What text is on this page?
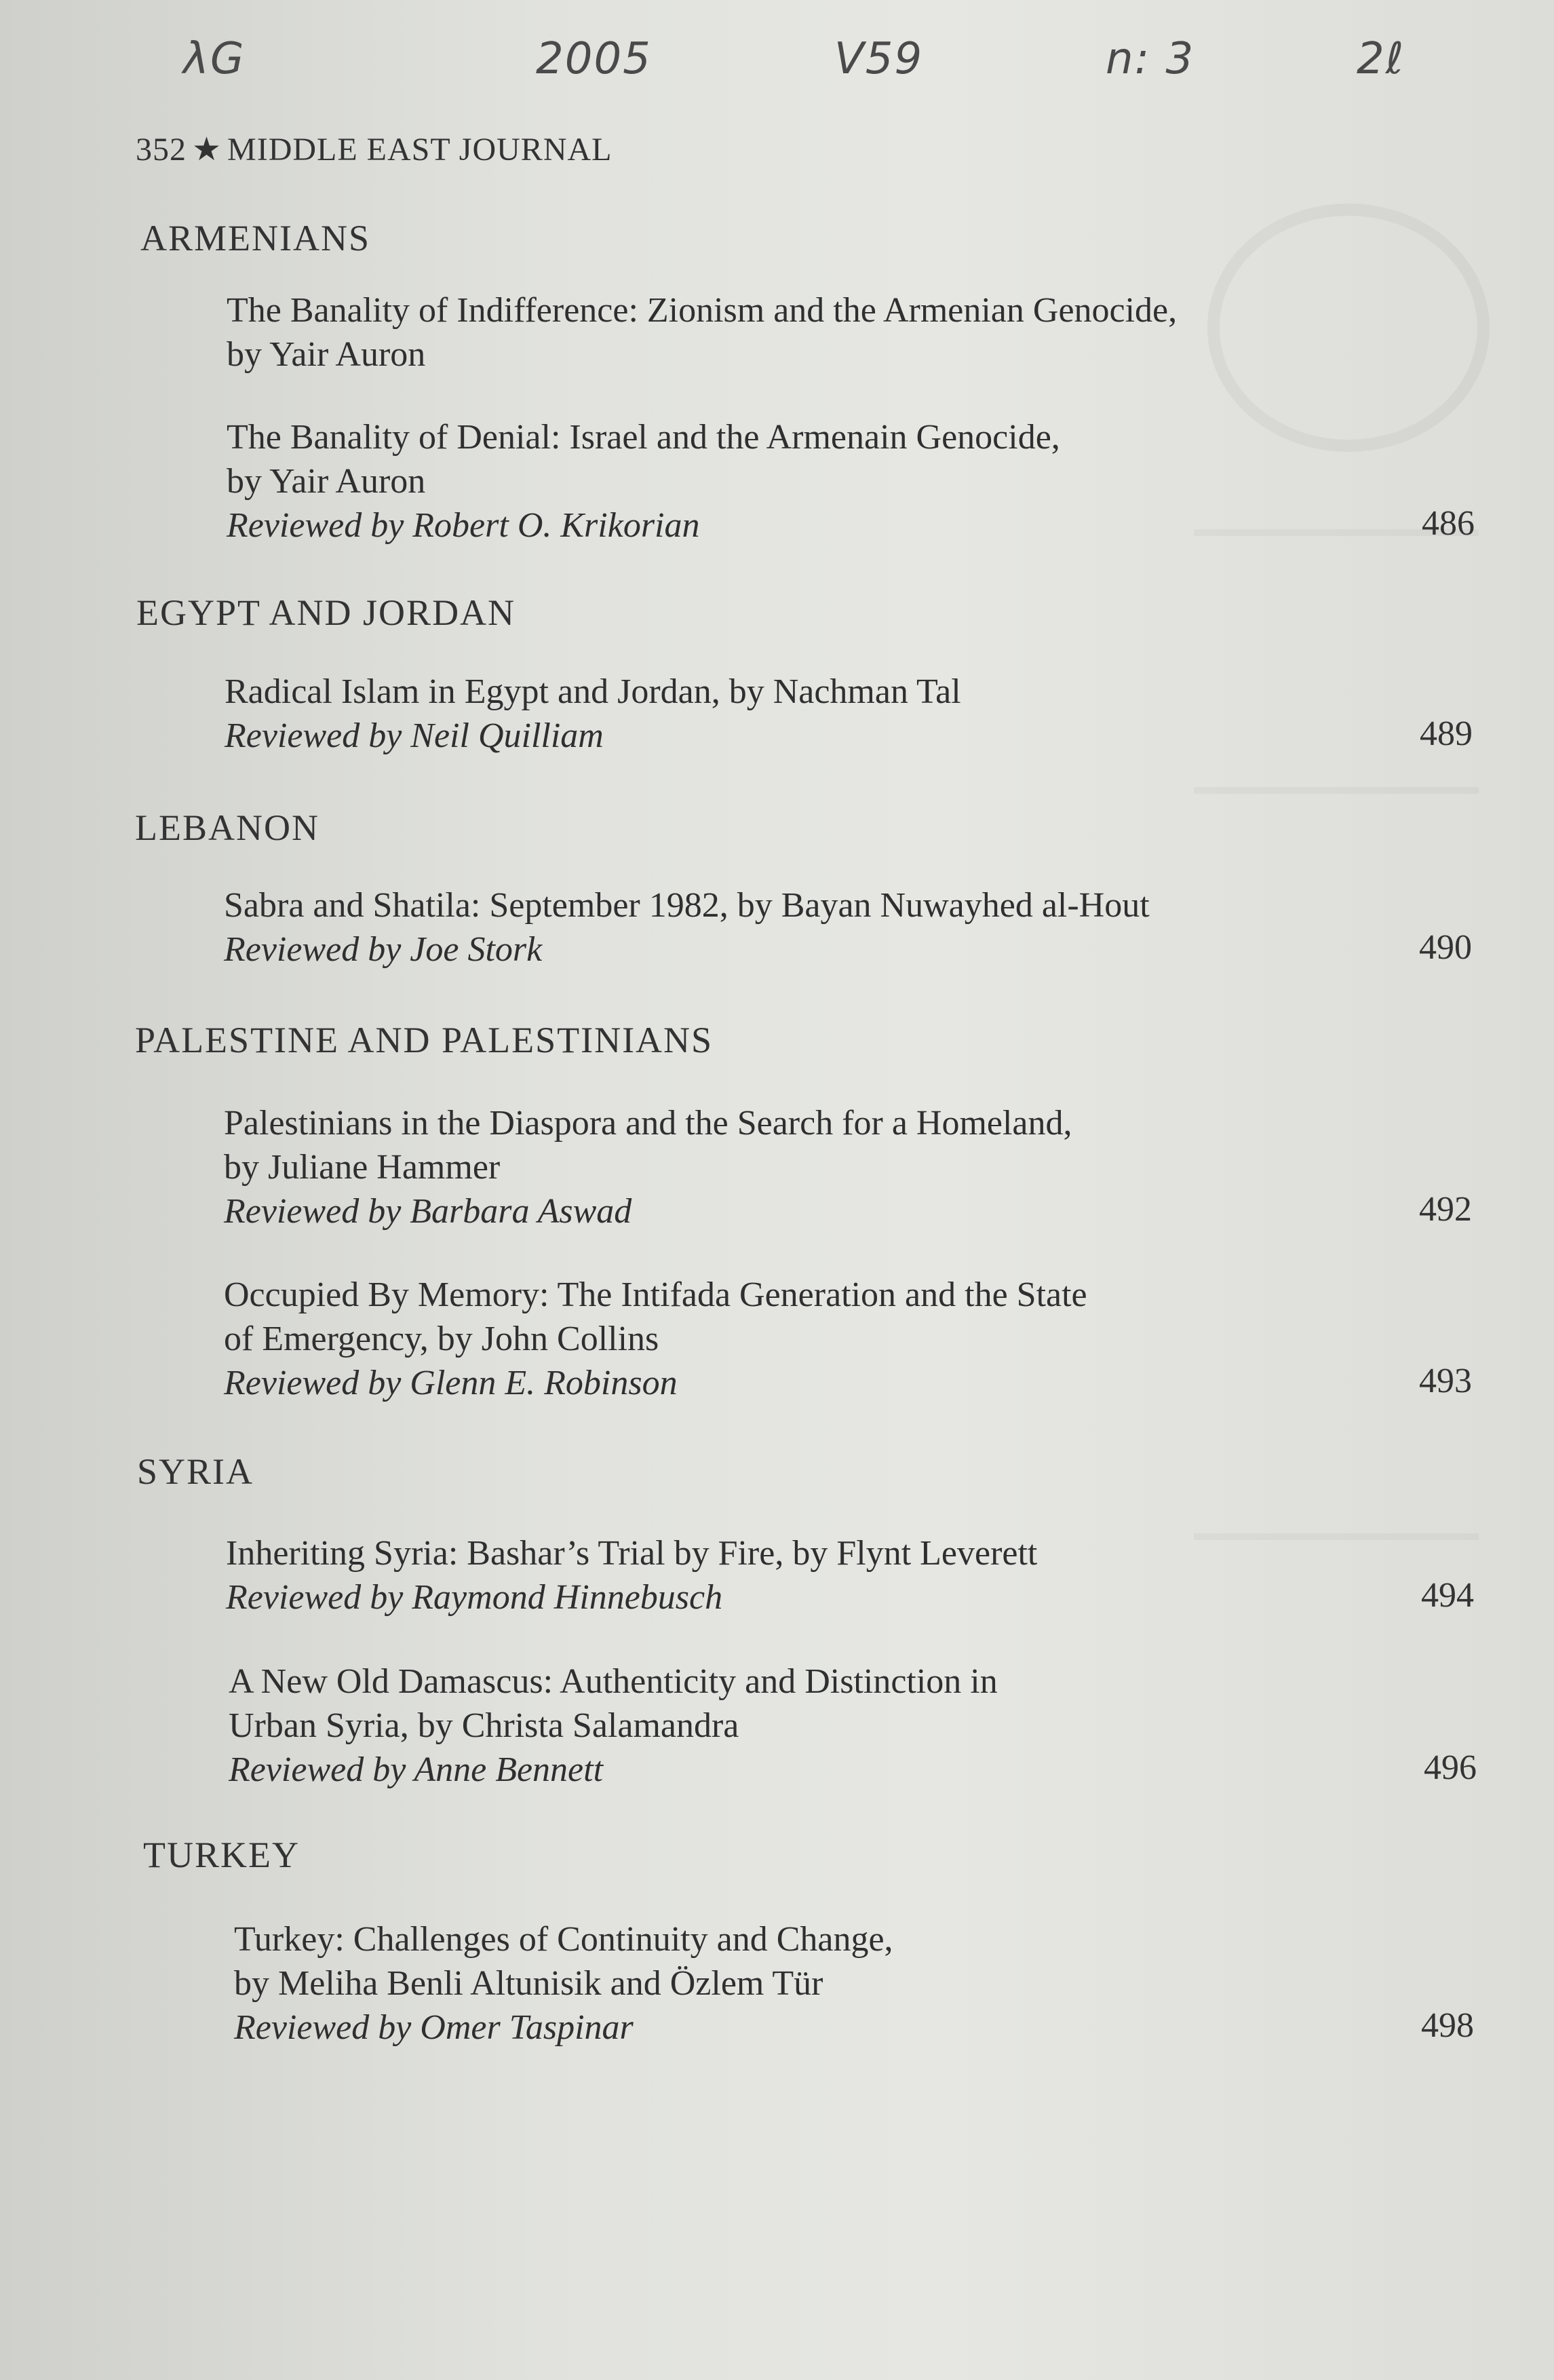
λG	2005	V59	n: 3	2ℓ
352 ★ MIDDLE EAST JOURNAL
ARMENIANS
The Banality of Indifference: Zionism and the Armenian Genocide,
by Yair Auron
The Banality of Denial: Israel and the Armenain Genocide,
by Yair Auron
Reviewed by Robert O. Krikorian	486
EGYPT AND JORDAN
Radical Islam in Egypt and Jordan, by Nachman Tal
Reviewed by Neil Quilliam	489
LEBANON
Sabra and Shatila: September 1982, by Bayan Nuwayhed al-Hout
Reviewed by Joe Stork	490
PALESTINE AND PALESTINIANS
Palestinians in the Diaspora and the Search for a Homeland,
by Juliane Hammer
Reviewed by Barbara Aswad	492
Occupied By Memory: The Intifada Generation and the State
of Emergency, by John Collins
Reviewed by Glenn E. Robinson	493
SYRIA
Inheriting Syria: Bashar’s Trial by Fire, by Flynt Leverett
Reviewed by Raymond Hinnebusch	494
A New Old Damascus: Authenticity and Distinction in
Urban Syria, by Christa Salamandra
Reviewed by Anne Bennett	496
TURKEY
Turkey: Challenges of Continuity and Change,
by Meliha Benli Altunisik and Özlem Tür
Reviewed by Omer Taspinar	498
